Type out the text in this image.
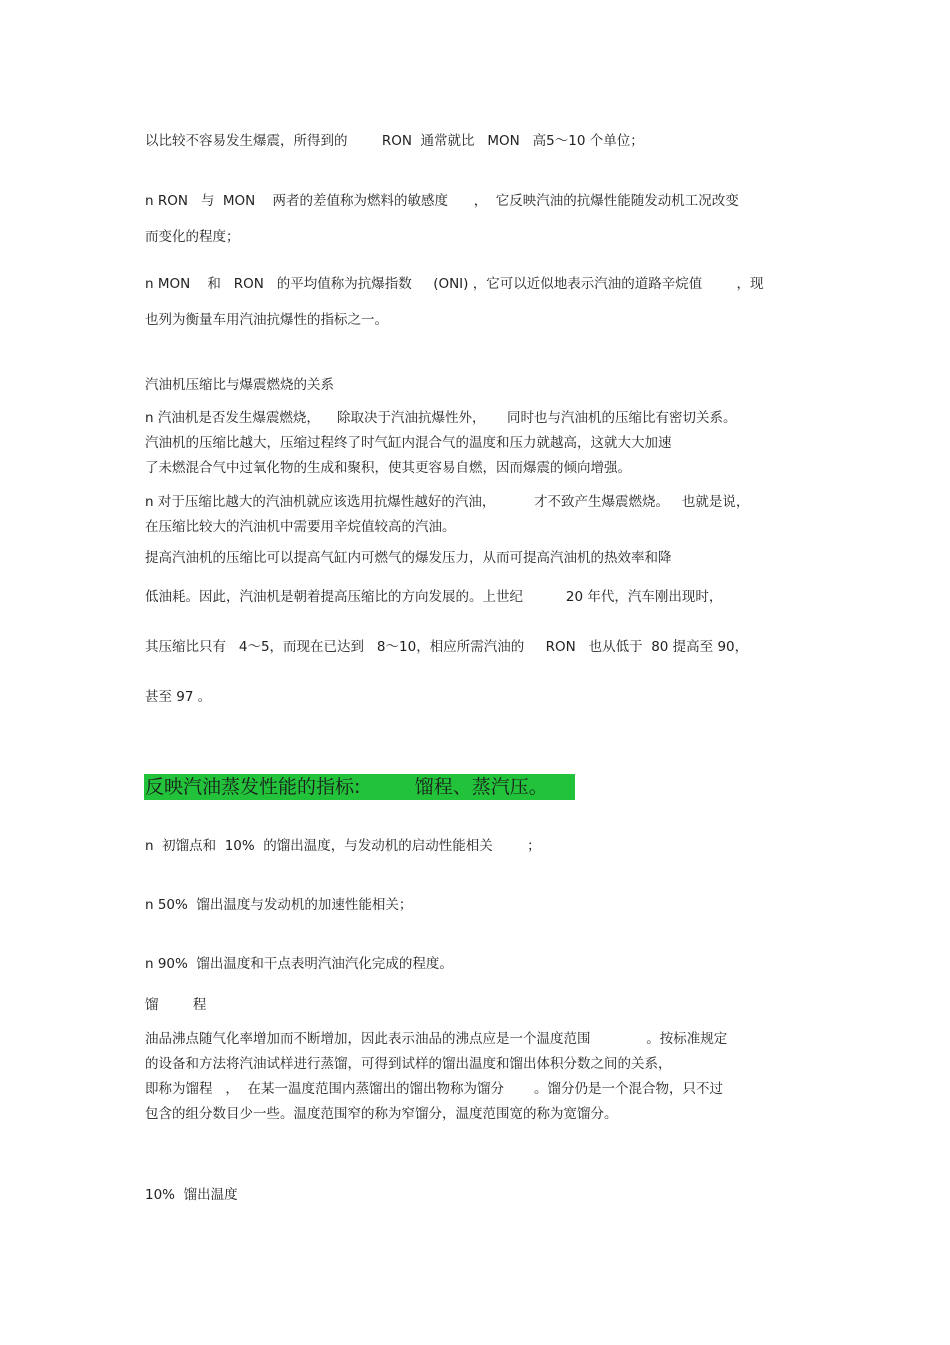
以比较不容易发生爆震，所得到的        RON  通常就比   MON   高5～10 个单位；
n RON   与  MON    两者的差值称为燃料的敏感度      ，  它反映汽油的抗爆性能随发动机工况改变
而变化的程度；
n MON    和   RON   的平均值称为抗爆指数     (ONI) ，它可以近似地表示汽油的道路辛烷值        ，现
也列为衡量车用汽油抗爆性的指标之一。
汽油机压缩比与爆震燃烧的关系
n 汽油机是否发生爆震燃烧，    除取决于汽油抗爆性外，     同时也与汽油机的压缩比有密切关系。
汽油机的压缩比越大，压缩过程终了时气缸内混合气的温度和压力就越高，这就大大加速
了未燃混合气中过氧化物的生成和聚积，使其更容易自燃，因而爆震的倾向增强。
n 对于压缩比越大的汽油机就应该选用抗爆性越好的汽油，         才不致产生爆震燃烧。   也就是说，
在压缩比较大的汽油机中需要用辛烷值较高的汽油。
提高汽油机的压缩比可以提高气缸内可燃气的爆发压力，从而可提高汽油机的热效率和降
低油耗。因此，汽油机是朝着提高压缩比的方向发展的。上世纪          20 年代，汽车刚出现时，
其压缩比只有   4～5，而现在已达到   8～10，相应所需汽油的     RON   也从低于  80 提高至 90，
甚至 97 。
反映汽油蒸发性能的指标:         馏程、蒸汽压。
n  初馏点和  10%  的馏出温度，与发动机的启动性能相关        ；
n 50%  馏出温度与发动机的加速性能相关；
n 90%  馏出温度和干点表明汽油汽化完成的程度。
馏        程
油品沸点随气化率增加而不断增加，因此表示油品的沸点应是一个温度范围             。按标准规定
的设备和方法将汽油试样进行蒸馏，可得到试样的馏出温度和馏出体积分数之间的关系，
即称为馏程   ，  在某一温度范围内蒸馏出的馏出物称为馏分       。馏分仍是一个混合物，只不过
包含的组分数目少一些。温度范围窄的称为窄馏分，温度范围宽的称为宽馏分。
10%  馏出温度
